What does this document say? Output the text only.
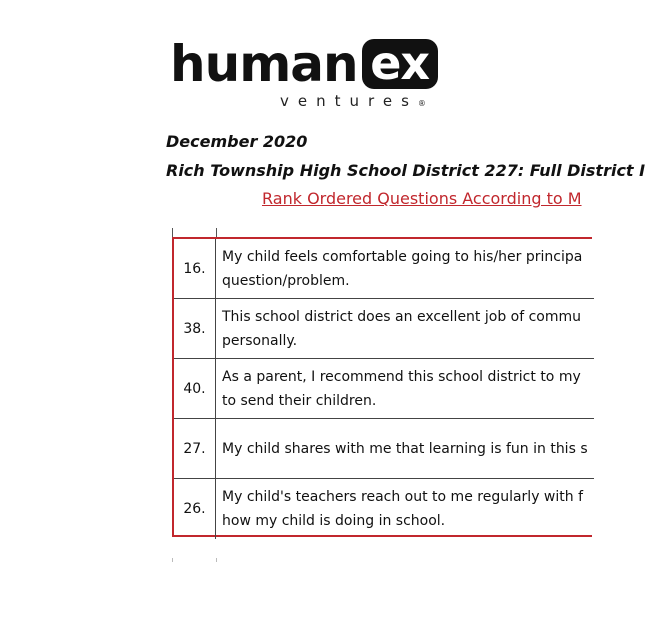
human ex
ventures®
December 2020
Rich Township High School District 227: Full District I
Rank Ordered Questions According to M
16.
My child feels comfortable going to his/her principa
question/problem.
38.
This school district does an excellent job of commu
personally.
40.
As a parent, I recommend this school district to my
to send their children.
27.	My child shares with me that learning is fun in this s
26.
My child's teachers reach out to me regularly with f
how my child is doing in school.
